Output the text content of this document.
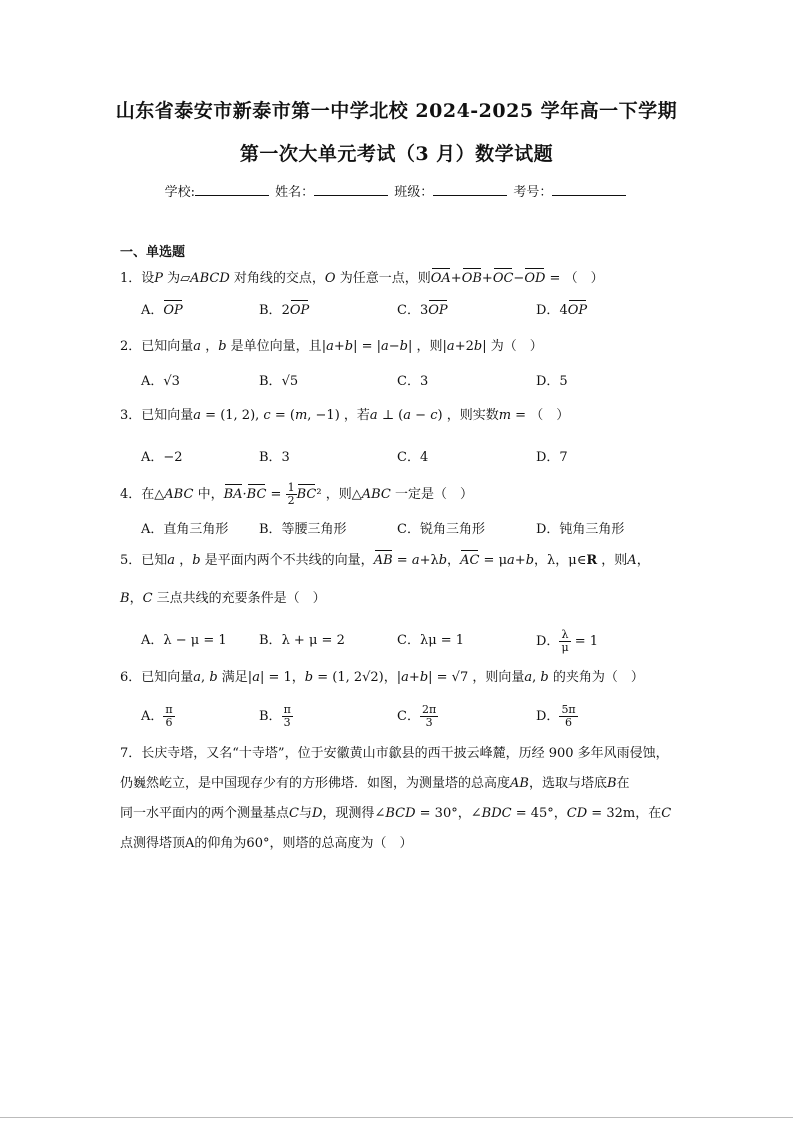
山东省泰安市新泰市第一中学北校 2024-2025 学年高一下学期
第一次大单元考试（3 月）数学试题
学校:	姓名：	班级：	考号：
一、单选题
1．设P 为▱ABCD 对角线的交点，O 为任意一点，则OA+OB+OC−OD = （　）
A．OP	B．2OP	C．3OP	D．4OP
2．已知向量a ，b 是单位向量，且|a+b| = |a−b| ，则|a+2b| 为（　）
A．√3	B．√5	C．3	D．5
3．已知向量a = (1, 2), c = (m, −1) ，若a ⊥ (a − c) ，则实数m = （　）
A．−2	B．3	C．4	D．7
4．在△ABC 中，$BA\cdot BC = \frac{1}{2} BC^2$ ，则△ABC 一定是（　）
A．直角三角形 B．等腰三角形	C．锐角三角形	D．钝角三角形
5．已知a ，b 是平面内两个不共线的向量，AB = a+λb，AC = μa+b，λ，μ∈R ，则A，
B，C 三点共线的充要条件是（　）
A．λ − μ = 1 B．λ + μ = 2	C．λμ = 1	D． $\frac{\lambda}{\mu} = 1$
6．已知向量a, b 满足|a| = 1，b = (1, 2√2)，|a+b| = √7 ，则向量a, b 的夹角为（　）
A． $\frac{\pi}{6}$	B． $\frac{\pi}{3}$	C． $\frac{2\pi}{3}$	D． $\frac{5\pi}{6}$
7．长庆寺塔，又名“十寺塔”，位于安徽黄山市歙县的西干披云峰麓，历经 900 多年风雨侵蚀，
仍巍然屹立，是中国现存少有的方形佛塔．如图，为测量塔的总高度AB，选取与塔底B在
同一水平面内的两个测量基点C与D，现测得∠BCD = 30°，∠BDC = 45°，CD = 32m，在C
点测得塔顶A的仰角为60°，则塔的总高度为（　）
